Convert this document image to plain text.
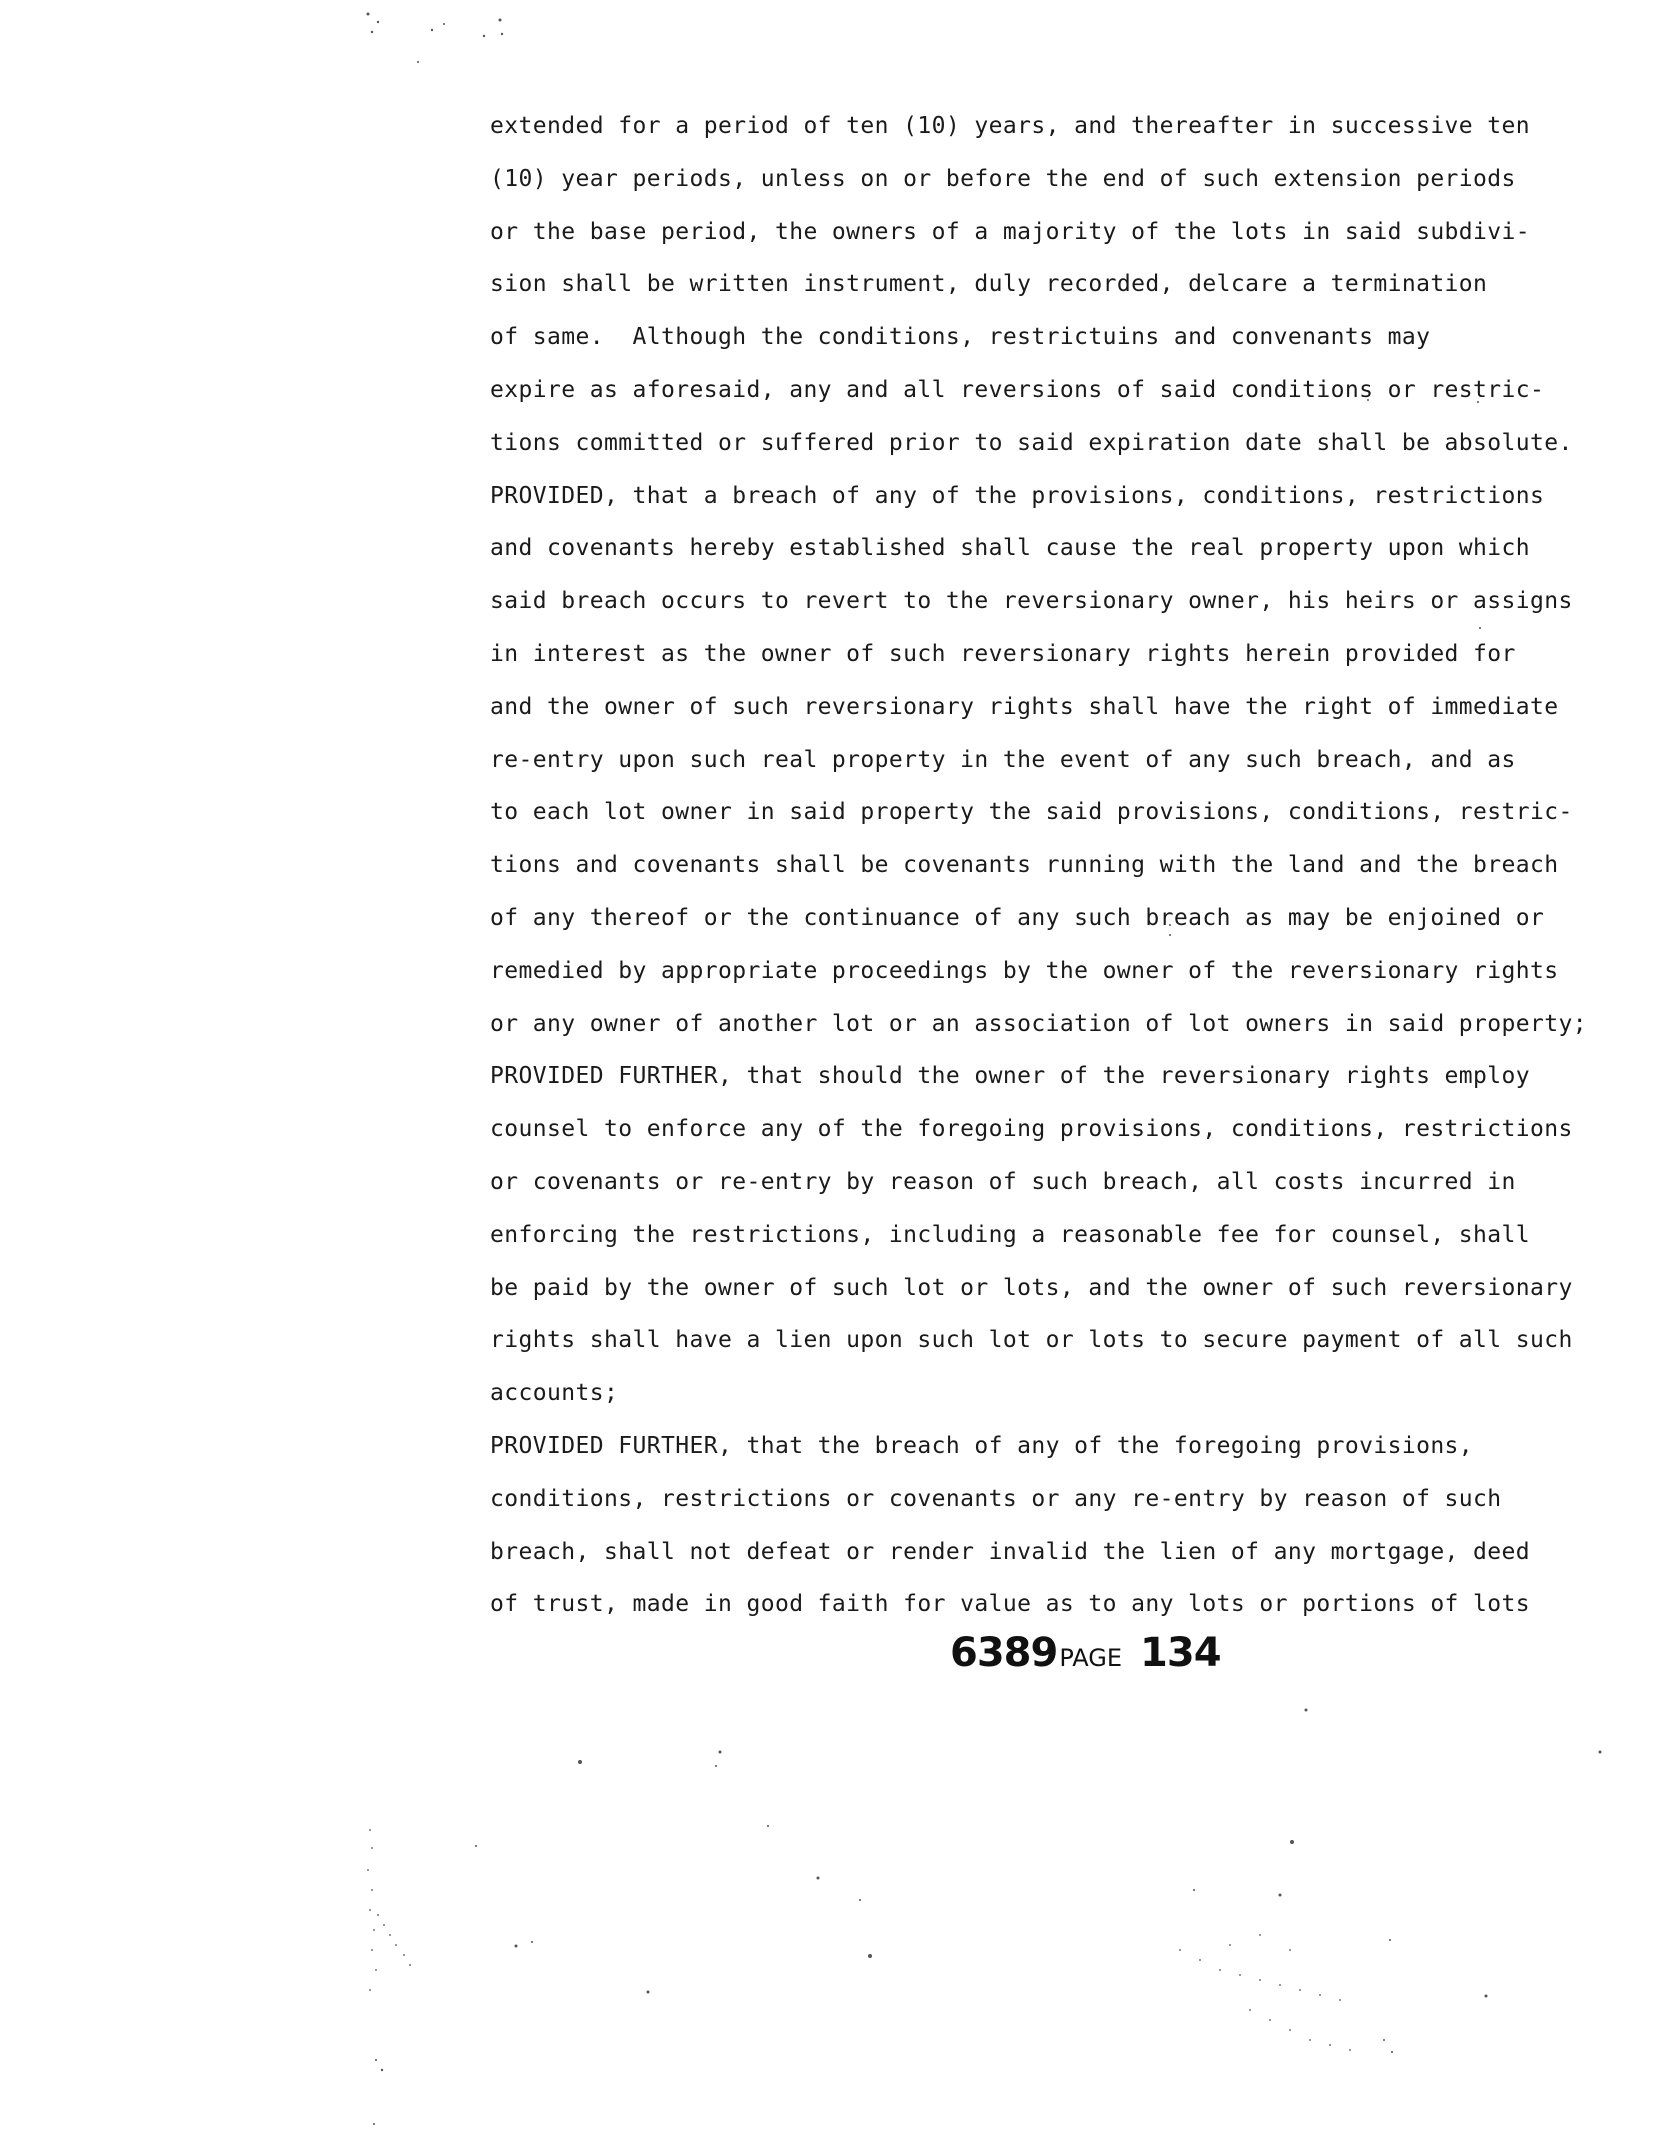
extended for a period of ten (10) years, and thereafter in successive ten
(10) year periods, unless on or before the end of such extension periods
or the base period, the owners of a majority of the lots in said subdivi-
sion shall be written instrument, duly recorded, delcare a termination
of same.  Although the conditions, restrictuins and convenants may
expire as aforesaid, any and all reversions of said conditions or restric-
tions committed or suffered prior to said expiration date shall be absolute.
PROVIDED, that a breach of any of the provisions, conditions, restrictions
and covenants hereby established shall cause the real property upon which
said breach occurs to revert to the reversionary owner, his heirs or assigns
in interest as the owner of such reversionary rights herein provided for
and the owner of such reversionary rights shall have the right of immediate
re-entry upon such real property in the event of any such breach, and as
to each lot owner in said property the said provisions, conditions, restric-
tions and covenants shall be covenants running with the land and the breach
of any thereof or the continuance of any such breach as may be enjoined or
remedied by appropriate proceedings by the owner of the reversionary rights
or any owner of another lot or an association of lot owners in said property;
PROVIDED FURTHER, that should the owner of the reversionary rights employ
counsel to enforce any of the foregoing provisions, conditions, restrictions
or covenants or re-entry by reason of such breach, all costs incurred in
enforcing the restrictions, including a reasonable fee for counsel, shall
be paid by the owner of such lot or lots, and the owner of such reversionary
rights shall have a lien upon such lot or lots to secure payment of all such
accounts;
PROVIDED FURTHER, that the breach of any of the foregoing provisions,
conditions, restrictions or covenants or any re-entry by reason of such
breach, shall not defeat or render invalid the lien of any mortgage, deed
of trust, made in good faith for value as to any lots or portions of lots
6389PAGE 134
